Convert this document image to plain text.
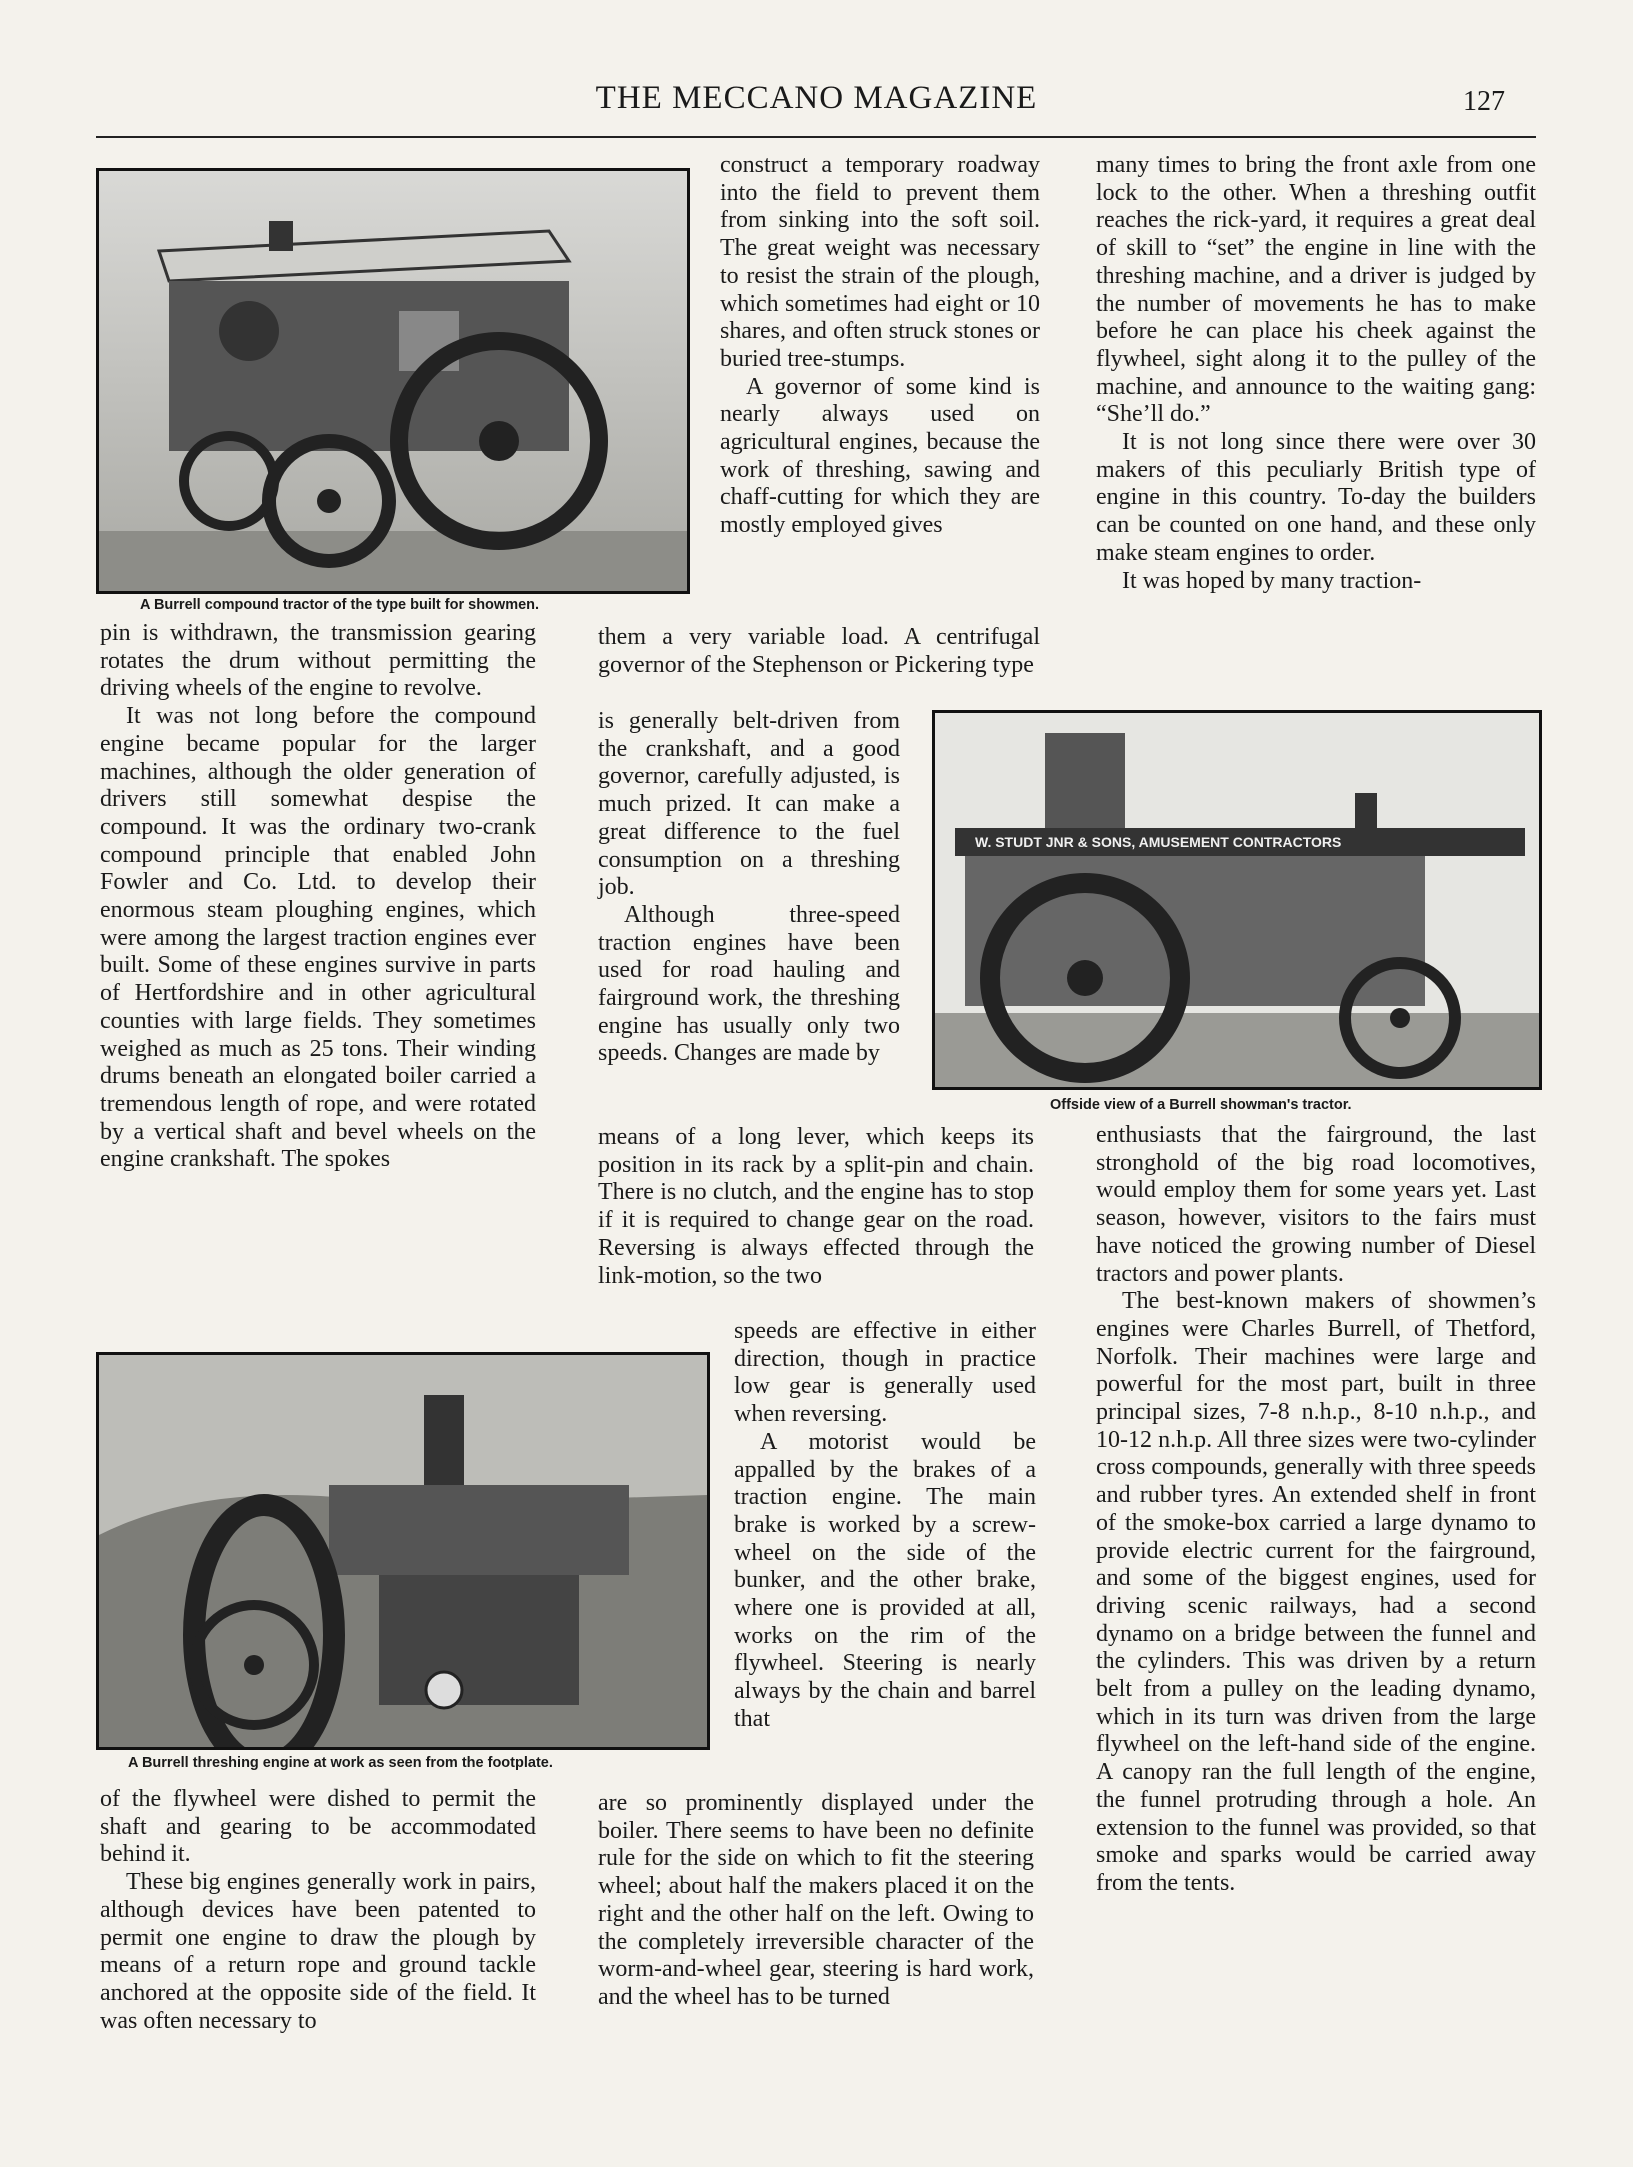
THE MECCANO MAGAZINE	127
A Burrell compound tractor of the type built for showmen.
W. STUDT JNR & SONS, AMUSEMENT CONTRACTORS
Offside view of a Burrell showman's tractor.
A Burrell threshing engine at work as seen from the footplate.

pin is withdrawn, the transmission gearing rotates the drum without permitting the driving wheels of the engine to revolve.

It was not long before the compound engine became popular for the larger machines, although the older generation of drivers still somewhat despise the compound. It was the ordinary two-crank compound principle that enabled John Fowler and Co. Ltd. to develop their enormous steam ploughing engines, which were among the largest traction engines ever built. Some of these engines survive in parts of Hertfordshire and in other agricultural counties with large fields. They sometimes weighed as much as 25 tons. Their winding drums beneath an elongated boiler carried a tremendous length of rope, and were rotated by a vertical shaft and bevel wheels on the engine crankshaft. The spokes

of the flywheel were dished to permit the shaft and gearing to be accommodated behind it.

These big engines generally work in pairs, although devices have been patented to permit one engine to draw the plough by means of a return rope and ground tackle anchored at the opposite side of the field. It was often necessary to

construct a temporary roadway into the field to prevent them from sinking into the soft soil. The great weight was necessary to resist the strain of the plough, which sometimes had eight or 10 shares, and often struck stones or buried tree-stumps.

A governor of some kind is nearly always used on agricultural engines, because the work of threshing, sawing and chaff-cutting for which they are mostly employed gives

them a very variable load. A centrifugal governor of the Stephenson or Pickering type

is generally belt-driven from the crankshaft, and a good governor, carefully adjusted, is much prized. It can make a great difference to the fuel consumption on a threshing job.

Although three-speed traction engines have been used for road hauling and fairground work, the threshing engine has usually only two speeds. Changes are made by

means of a long lever, which keeps its position in its rack by a split-pin and chain. There is no clutch, and the engine has to stop if it is required to change gear on the road. Reversing is always effected through the link-motion, so the two

speeds are effective in either direction, though in practice low gear is generally used when reversing.

A motorist would be appalled by the brakes of a traction engine. The main brake is worked by a screw-wheel on the side of the bunker, and the other brake, where one is provided at all, works on the rim of the flywheel. Steering is nearly always by the chain and barrel that

are so prominently displayed under the boiler. There seems to have been no definite rule for the side on which to fit the steering wheel; about half the makers placed it on the right and the other half on the left. Owing to the completely irreversible character of the worm-and-wheel gear, steering is hard work, and the wheel has to be turned

many times to bring the front axle from one lock to the other. When a threshing outfit reaches the rick-yard, it requires a great deal of skill to “set” the engine in line with the threshing machine, and a driver is judged by the number of movements he has to make before he can place his cheek against the flywheel, sight along it to the pulley of the machine, and announce to the waiting gang: “She’ll do.”

It is not long since there were over 30 makers of this peculiarly British type of engine in this country. To-day the builders can be counted on one hand, and these only make steam engines to order.

It was hoped by many traction-

enthusiasts that the fairground, the last stronghold of the big road locomotives, would employ them for some years yet. Last season, however, visitors to the fairs must have noticed the growing number of Diesel tractors and power plants.

The best-known makers of showmen’s engines were Charles Burrell, of Thetford, Norfolk. Their machines were large and powerful for the most part, built in three principal sizes, 7-8 n.h.p., 8-10 n.h.p., and 10-12 n.h.p. All three sizes were two-cylinder cross compounds, generally with three speeds and rubber tyres. An extended shelf in front of the smoke-box carried a large dynamo to provide electric current for the fairground, and some of the biggest engines, used for driving scenic railways, had a second dynamo on a bridge between the funnel and the cylinders. This was driven by a return belt from a pulley on the leading dynamo, which in its turn was driven from the large flywheel on the left-hand side of the engine. A canopy ran the full length of the engine, the funnel protruding through a hole. An extension to the funnel was provided, so that smoke and sparks would be carried away from the tents.
